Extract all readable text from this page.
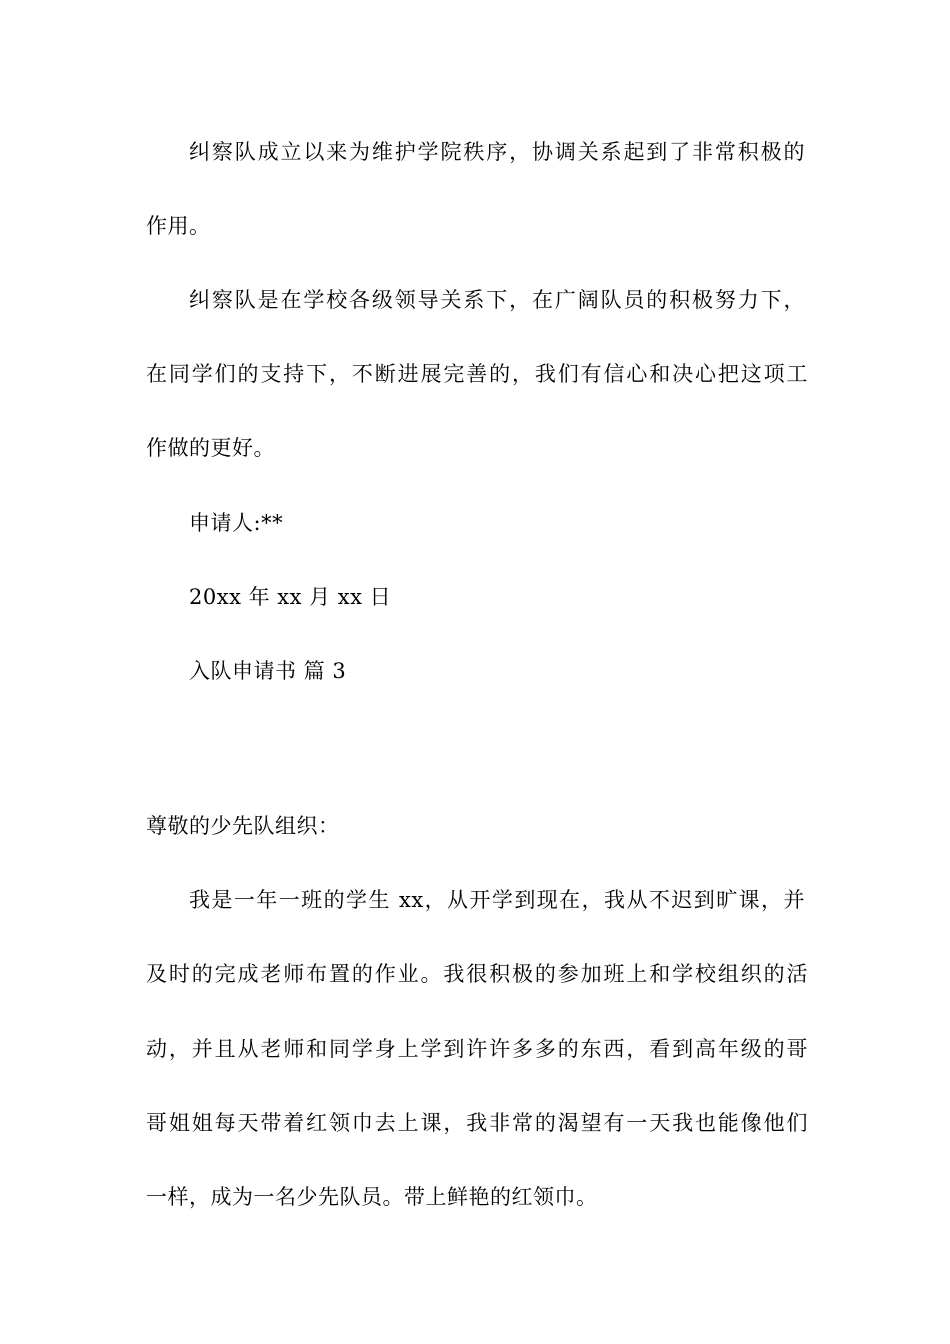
纠察队成立以来为维护学院秩序，协调关系起到了非常积极的
作用。
纠察队是在学校各级领导关系下，在广阔队员的积极努力下，
在同学们的支持下，不断进展完善的，我们有信心和决心把这项工
作做的更好。
申请人:**
20xx 年 xx 月 xx 日
入队申请书 篇 3
尊敬的少先队组织：
我是一年一班的学生 xx，从开学到现在，我从不迟到旷课，并
及时的完成老师布置的作业。我很积极的参加班上和学校组织的活
动，并且从老师和同学身上学到许许多多的东西，看到高年级的哥
哥姐姐每天带着红领巾去上课，我非常的渴望有一天我也能像他们
一样，成为一名少先队员。带上鲜艳的红领巾。
